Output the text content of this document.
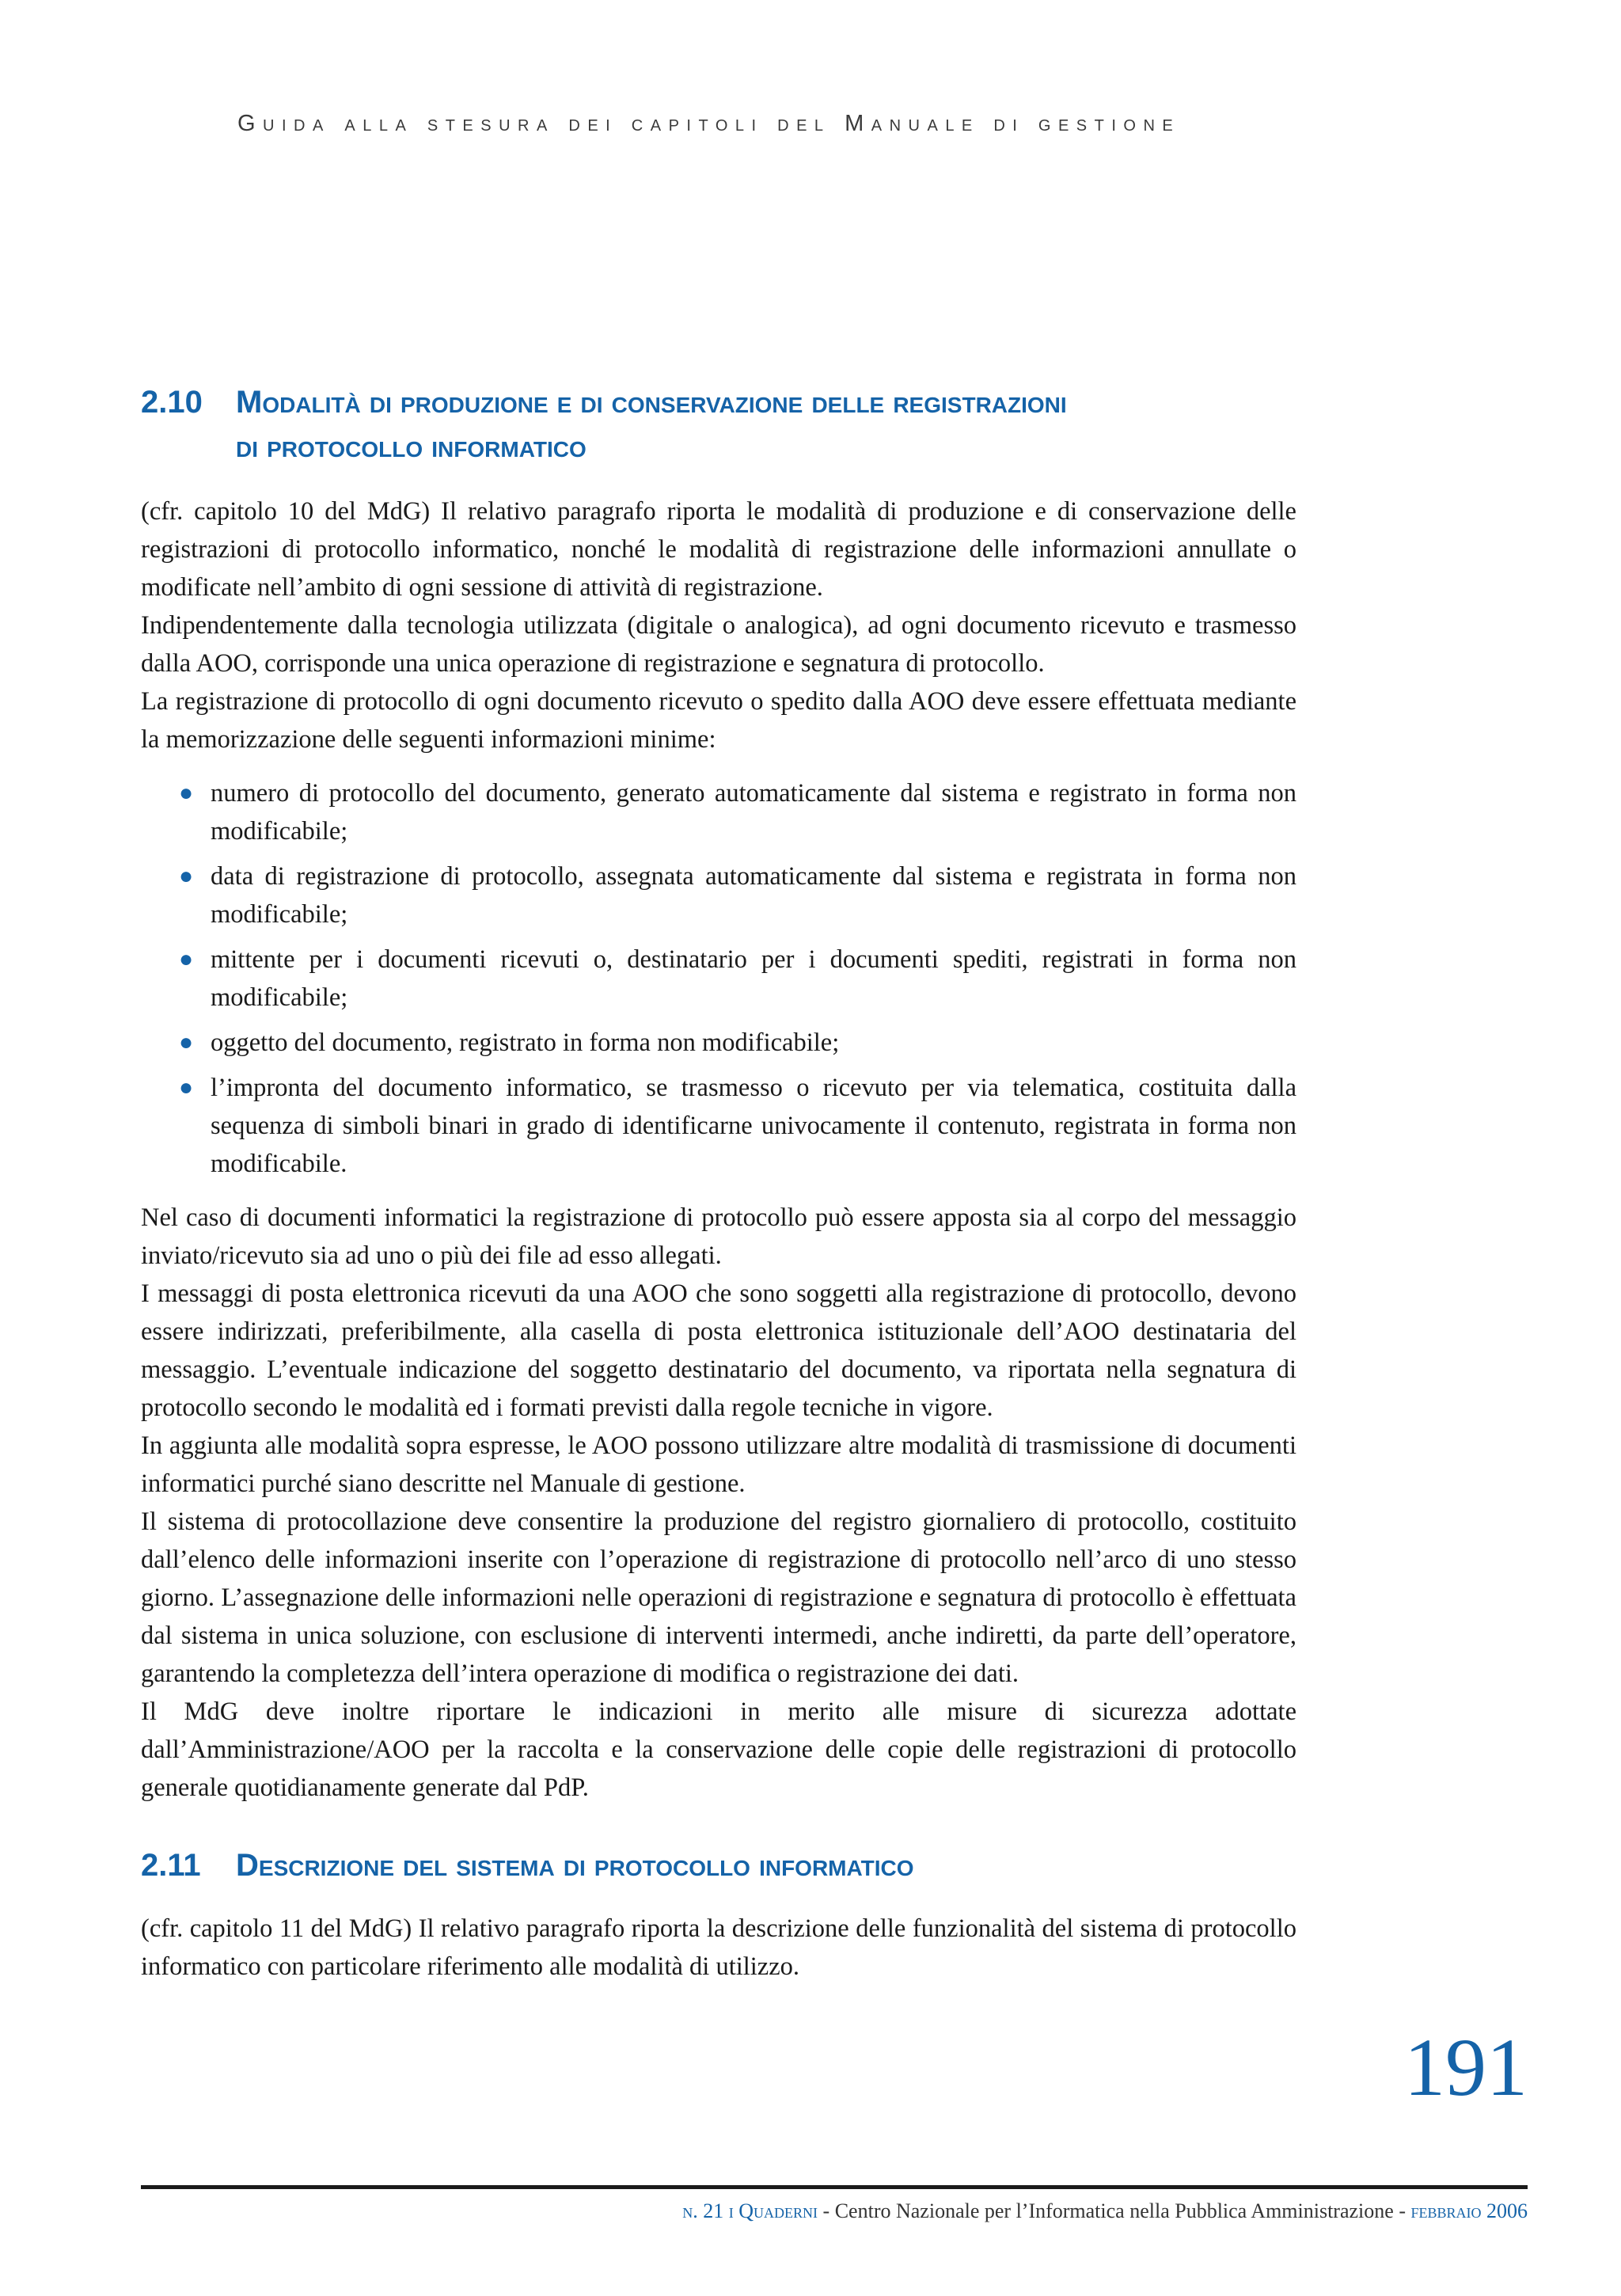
Guida alla stesura dei capitoli del Manuale di gestione
2.10 Modalità di produzione e di conservazione delle registrazioni
di protocollo informatico

(cfr. capitolo 10 del MdG) Il relativo paragrafo riporta le modalità di produzione e di conservazione delle registrazioni di protocollo informatico, nonché le modalità di registrazione delle informazioni annullate o modificate nell’ambito di ogni sessione di attività di registrazione.

Indipendentemente dalla tecnologia utilizzata (digitale o analogica), ad ogni documento ricevuto e trasmesso dalla AOO, corrisponde una unica operazione di registrazione e segnatura di protocollo.

La registrazione di protocollo di ogni documento ricevuto o spedito dalla AOO deve essere effettuata mediante la memorizzazione delle seguenti informazioni minime:

● numero di protocollo del documento, generato automaticamente dal sistema e registrato in forma non modificabile;
● data di registrazione di protocollo, assegnata automaticamente dal sistema e registrata in forma non modificabile;
● mittente per i documenti ricevuti o, destinatario per i documenti spediti, registrati in forma non modificabile;
● oggetto del documento, registrato in forma non modificabile;
● l’impronta del documento informatico, se trasmesso o ricevuto per via telematica, costituita dalla sequenza di simboli binari in grado di identificarne univocamente il contenuto, registrata in forma non modificabile.

Nel caso di documenti informatici la registrazione di protocollo può essere apposta sia al corpo del messaggio inviato/ricevuto sia ad uno o più dei file ad esso allegati.

I messaggi di posta elettronica ricevuti da una AOO che sono soggetti alla registrazione di protocollo, devono essere indirizzati, preferibilmente, alla casella di posta elettronica istituzionale dell’AOO destinataria del messaggio. L’eventuale indicazione del soggetto destinatario del documento, va riportata nella segnatura di protocollo secondo le modalità ed i formati previsti dalla regole tecniche in vigore.

In aggiunta alle modalità sopra espresse, le AOO possono utilizzare altre modalità di trasmissione di documenti informatici purché siano descritte nel Manuale di gestione.

Il sistema di protocollazione deve consentire la produzione del registro giornaliero di protocollo, costituito dall’elenco delle informazioni inserite con l’operazione di registrazione di protocollo nell’arco di uno stesso giorno. L’assegnazione delle informazioni nelle operazioni di registrazione e segnatura di protocollo è effettuata dal sistema in unica soluzione, con esclusione di interventi intermedi, anche indiretti, da parte dell’operatore, garantendo la completezza dell’intera operazione di modifica o registrazione dei dati.

Il MdG deve inoltre riportare le indicazioni in merito alle misure di sicurezza adottate dall’Amministrazione/AOO per la raccolta e la conservazione delle copie delle registrazioni di protocollo generale quotidianamente generate dal PdP.

2.11 Descrizione del sistema di protocollo informatico

(cfr. capitolo 11 del MdG) Il relativo paragrafo riporta la descrizione delle funzionalità del sistema di protocollo informatico con particolare riferimento alle modalità di utilizzo.

191
n. 21 i Quaderni - Centro Nazionale per l’Informatica nella Pubblica Amministrazione - febbraio 2006
